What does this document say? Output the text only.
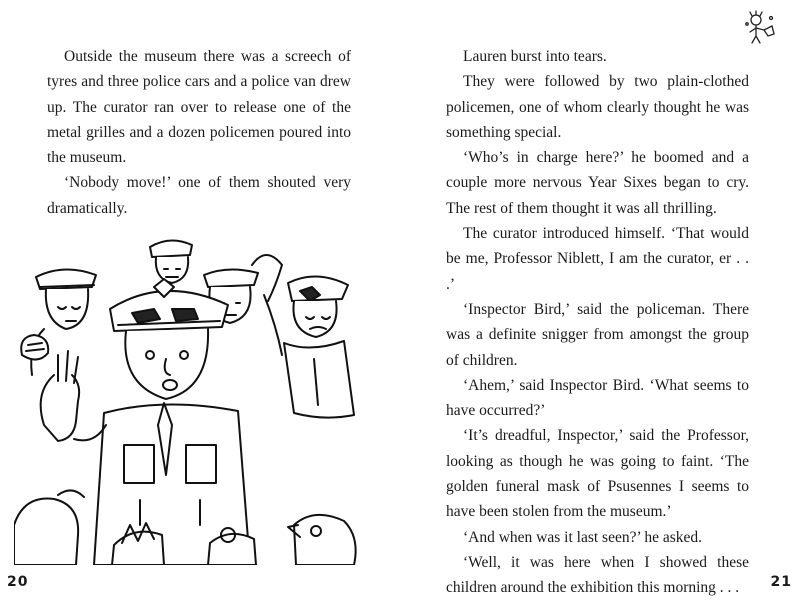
Outside the museum there was a screech of tyres and three police cars and a police van drew up. The curator ran over to release one of the metal grilles and a dozen policemen poured into the museum.

‘Nobody move!’ one of them shouted very dramatically.

20

Lauren burst into tears.

They were followed by two plain-clothed policemen, one of whom clearly thought he was something special.

‘Who’s in charge here?’ he boomed and a couple more nervous Year Sixes began to cry. The rest of them thought it was all thrilling.

The curator introduced himself. ‘That would be me, Professor Niblett, I am the curator, er . . .’

‘Inspector Bird,’ said the policeman. There was a definite snigger from amongst the group of children.

‘Ahem,’ said Inspector Bird. ‘What seems to have occurred?’

‘It’s dreadful, Inspector,’ said the Professor, looking as though he was going to faint. ‘The golden funeral mask of Psusennes I seems to have been stolen from the museum.’

‘And when was it last seen?’ he asked.

‘Well, it was here when I showed these children around the exhibition this morning . . .	21
